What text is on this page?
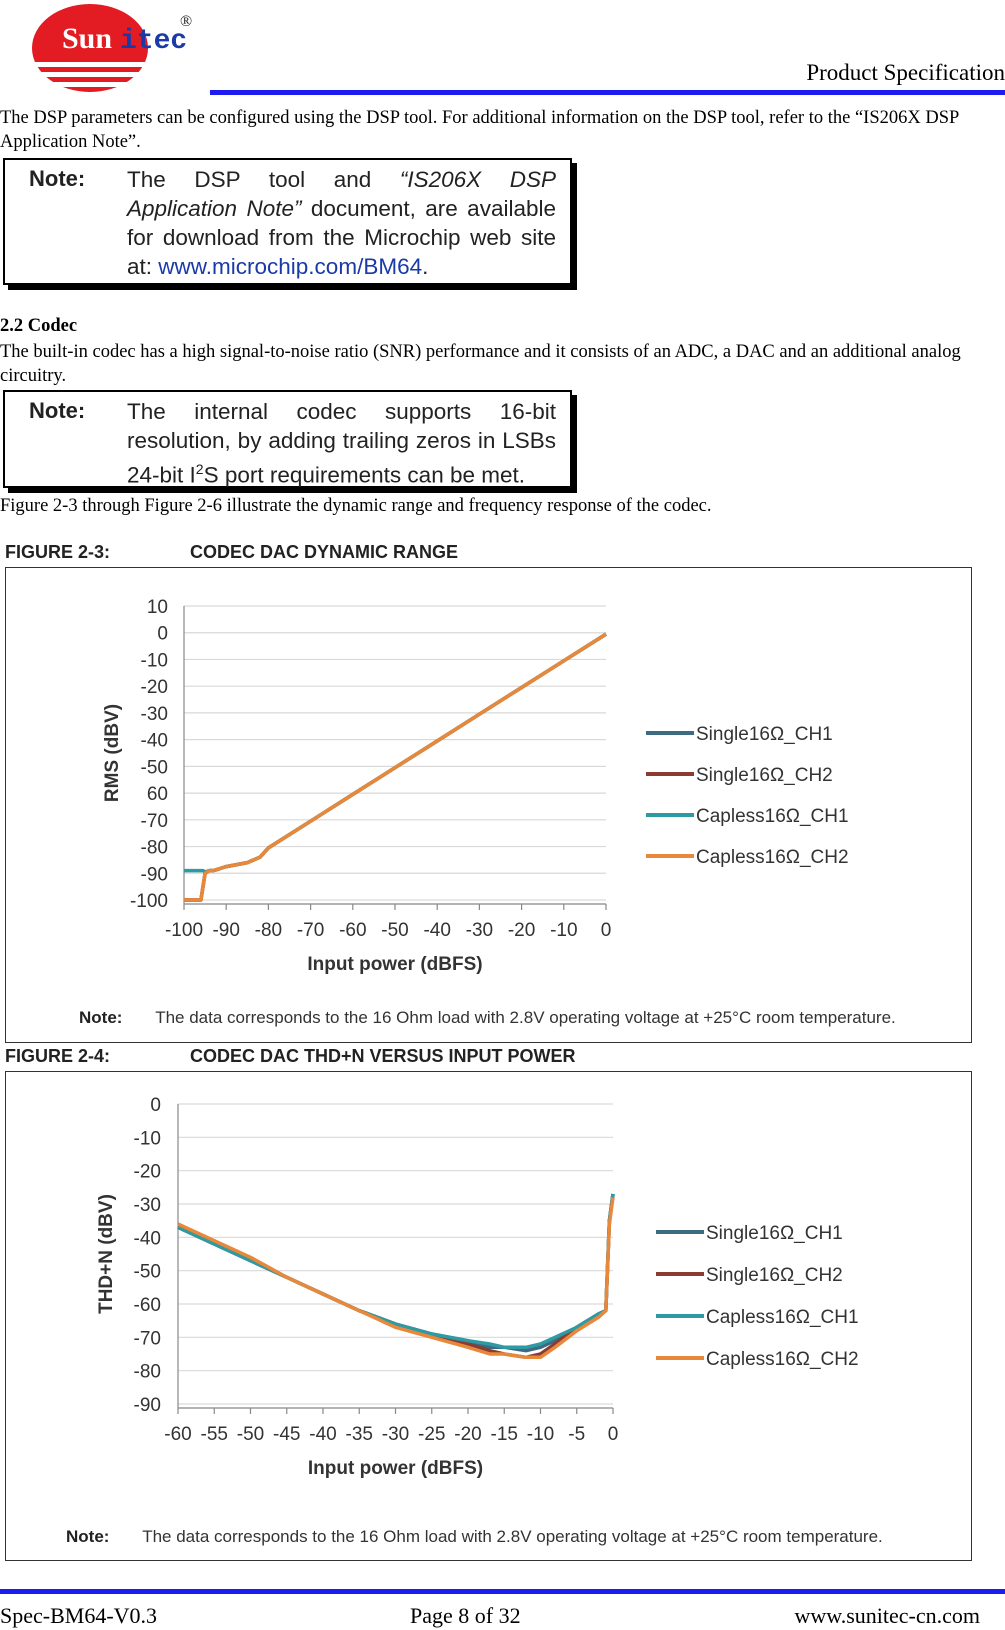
Sun itec
®
Product Specification
The DSP parameters can be configured using the DSP tool. For additional information on the DSP tool, refer to the “IS206X DSP Application Note”.
Note: The DSP tool and “IS206X DSP Application Note” document, are available for download from the Microchip web site at: www.microchip.com/BM64.
2.2 Codec
The built-in codec has a high signal-to-noise ratio (SNR) performance and it consists of an ADC, a DAC and an additional analog circuitry.
Note: The internal codec supports 16-bit resolution, by adding trailing zeros in LSBs 24-bit $I^2S$ port requirements can be met.
Figure 2-3 through Figure 2-6 illustrate the dynamic range and frequency response of the codec.
FIGURE 2-3:	CODEC DAC DYNAMIC RANGE
10
0
-10
-20
-30
-40
-50
60
-70
-80
-90
-100
-100 -90 -80 -70 -60 -50 -40 -30 -20 -10 0
Input power (dBFS)
RMS (dBV)	Single16Ω_CH1
Single16Ω_CH2
Capless16Ω_CH1
Capless16Ω_CH2
Note: The data corresponds to the 16 Ohm load with 2.8V operating voltage at +25°C room temperature.
FIGURE 2-4:	CODEC DAC THD+N VERSUS INPUT POWER
0
-10
-20
-30
-40
-50
-60
-70
-80
-90
-60 -55 -50 -45 -40 -35 -30 -25 -20 -15 -10 -5 0
Input power (dBFS)
THD+N (dBV)	Single16Ω_CH1
Single16Ω_CH2
Capless16Ω_CH1
Capless16Ω_CH2
Note: The data corresponds to the 16 Ohm load with 2.8V operating voltage at +25°C room temperature.
Spec-BM64-V0.3	Page 8 of 32	www.sunitec-cn.com
